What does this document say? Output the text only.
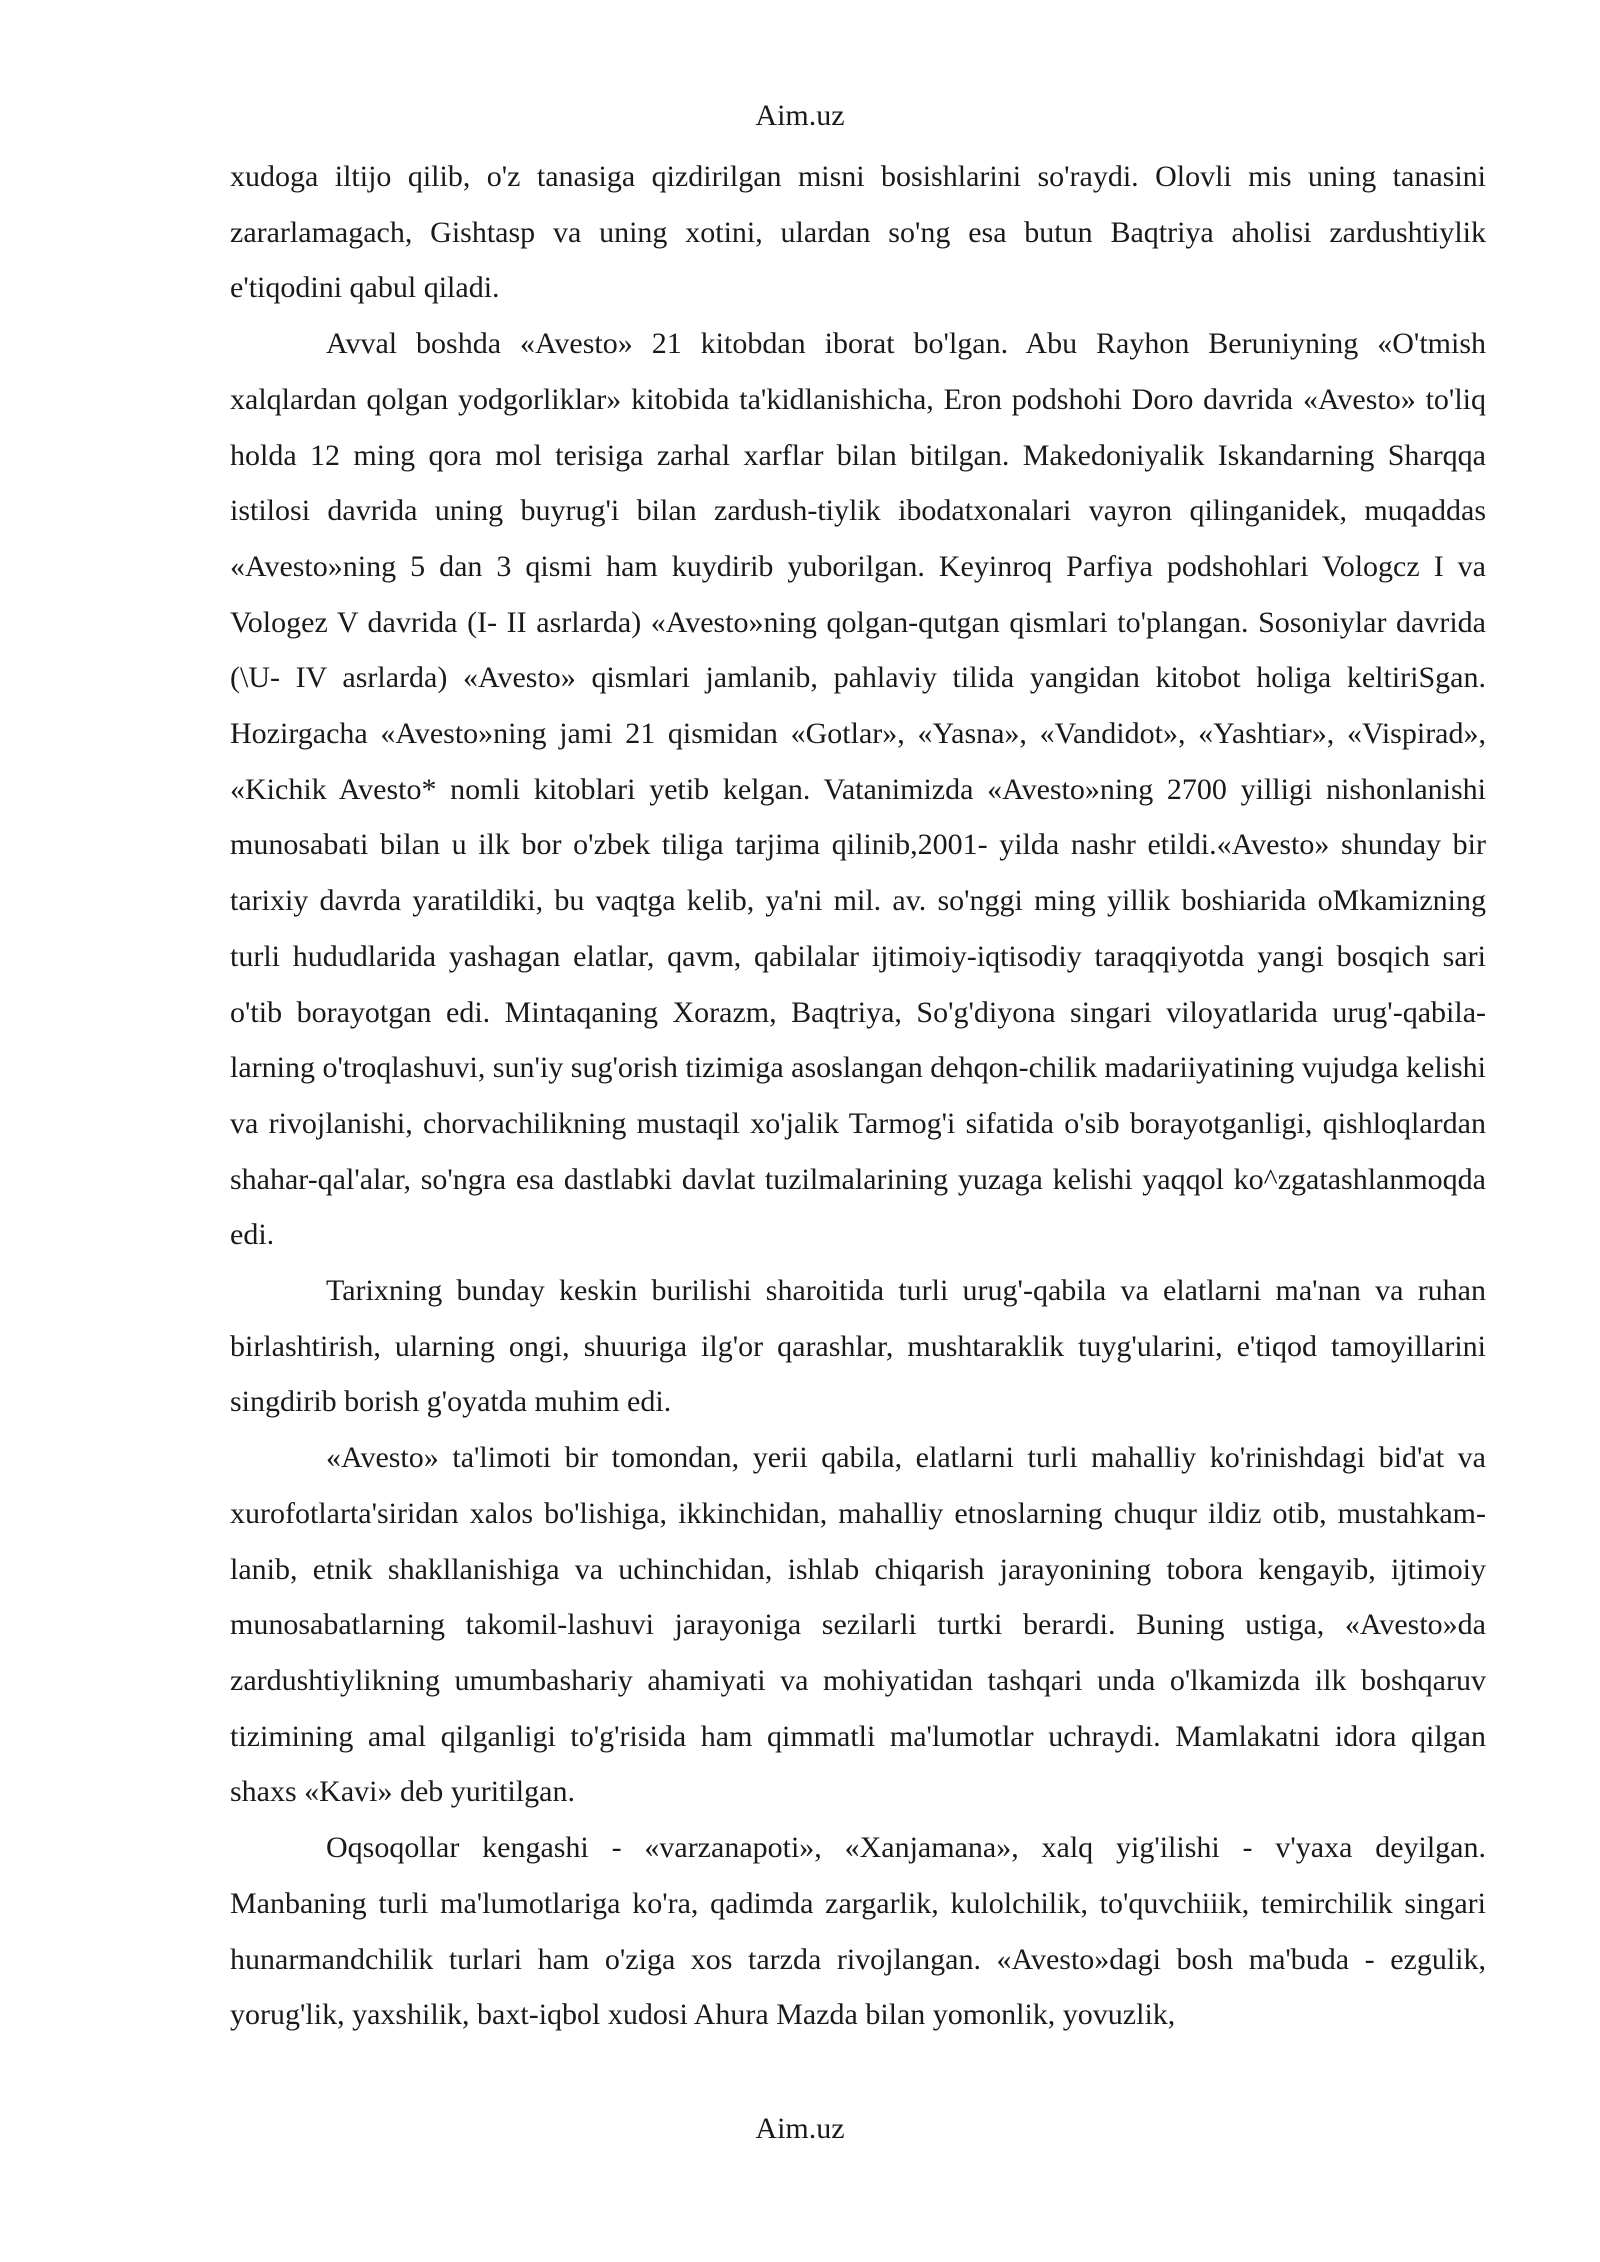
Aim.uz

xudoga iltijo qilib, o'z tanasiga qizdirilgan misni bosishlarini so'raydi. Olovli mis uning tanasini zararlamagach, Gishtasp va uning xotini, ulardan so'ng esa butun Baqtriya aholisi zardushtiylik e'tiqodini qabul qiladi.

Avval boshda «Avesto» 21 kitobdan iborat bo'lgan. Abu Rayhon Beruniyning «O'tmish xalqlardan qolgan yodgorliklar» kitobida ta'kidlanishicha, Eron podshohi Doro davrida «Avesto» to'liq holda 12 ming qora mol terisiga zarhal xarflar bilan bitilgan. Makedoniyalik Iskandarning Sharqqa istilosi davrida uning buyrug'i bilan zardush-tiylik ibodatxonalari vayron qilinganidek, muqaddas «Avesto»ning 5 dan 3 qismi ham kuydirib yuborilgan. Keyinroq Parfiya podshohlari Vologcz I va Vologez V davrida (I- II asrlarda) «Avesto»ning qolgan-qutgan qismlari to'plangan. Sosoniylar davrida (\U- IV asrlarda) «Avesto» qismlari jamlanib, pahlaviy tilida yangidan kitobot holiga keltiriSgan. Hozirgacha «Avesto»ning jami 21 qismidan «Gotlar», «Yasna», «Vandidot», «Yashtiar», «Vispirad», «Kichik Avesto* nomli kitoblari yetib kelgan. Vatanimizda «Avesto»ning 2700 yilligi nishonlanishi munosabati bilan u ilk bor o'zbek tiliga tarjima qilinib,2001- yilda nashr etildi.«Avesto» shunday bir tarixiy davrda yaratildiki, bu vaqtga kelib, ya'ni mil. av. so'nggi ming yillik boshiarida oMkamizning turli hududlarida yashagan elatlar, qavm, qabilalar ijtimoiy-iqtisodiy taraqqiyotda yangi bosqich sari o'tib borayotgan edi. Mintaqaning Xorazm, Baqtriya, So'g'diyona singari viloyatlarida urug'-qabila-larning o'troqlashuvi, sun'iy sug'orish tizimiga asoslangan dehqon-chilik madariiyatining vujudga kelishi va rivojlanishi, chorvachilikning mustaqil xo'jalik Tarmog'i sifatida o'sib borayotganligi, qishloqlardan shahar-qal'alar, so'ngra esa dastlabki davlat tuzilmalarining yuzaga kelishi yaqqol ko^zgatashlanmoqda edi.

Tarixning bunday keskin burilishi sharoitida turli urug'-qabila va elatlarni ma'nan va ruhan birlashtirish, ularning ongi, shuuriga ilg'or qarashlar, mushtaraklik tuyg'ularini, e'tiqod tamoyillarini singdirib borish g'oyatda muhim edi.

«Avesto» ta'limoti bir tomondan, yerii qabila, elatlarni turli mahalliy ko'rinishdagi bid'at va xurofotlarta'siridan xalos bo'lishiga, ikkinchidan, mahalliy etnoslarning chuqur ildiz otib, mustahkam-lanib, etnik shakllanishiga va uchinchidan, ishlab chiqarish jarayonining tobora kengayib, ijtimoiy munosabatlarning takomil-lashuvi jarayoniga sezilarli turtki berardi. Buning ustiga, «Avesto»da zardushtiylikning umumbashariy ahamiyati va mohiyatidan tashqari unda o'lkamizda ilk boshqaruv tizimining amal qilganligi to'g'risida ham qimmatli ma'lumotlar uchraydi. Mamlakatni idora qilgan shaxs «Kavi» deb yuritilgan.

Oqsoqollar kengashi - «varzanapoti», «Xanjamana», xalq yig'ilishi - v'yaxa deyilgan. Manbaning turli ma'lumotlariga ko'ra, qadimda zargarlik, kulolchilik, to'quvchiiik, temirchilik singari hunarmandchilik turlari ham o'ziga xos tarzda rivojlangan. «Avesto»dagi bosh ma'buda - ezgulik, yorug'lik, yaxshilik, baxt-iqbol xudosi Ahura Mazda bilan yomonlik, yovuzlik,

Aim.uz
